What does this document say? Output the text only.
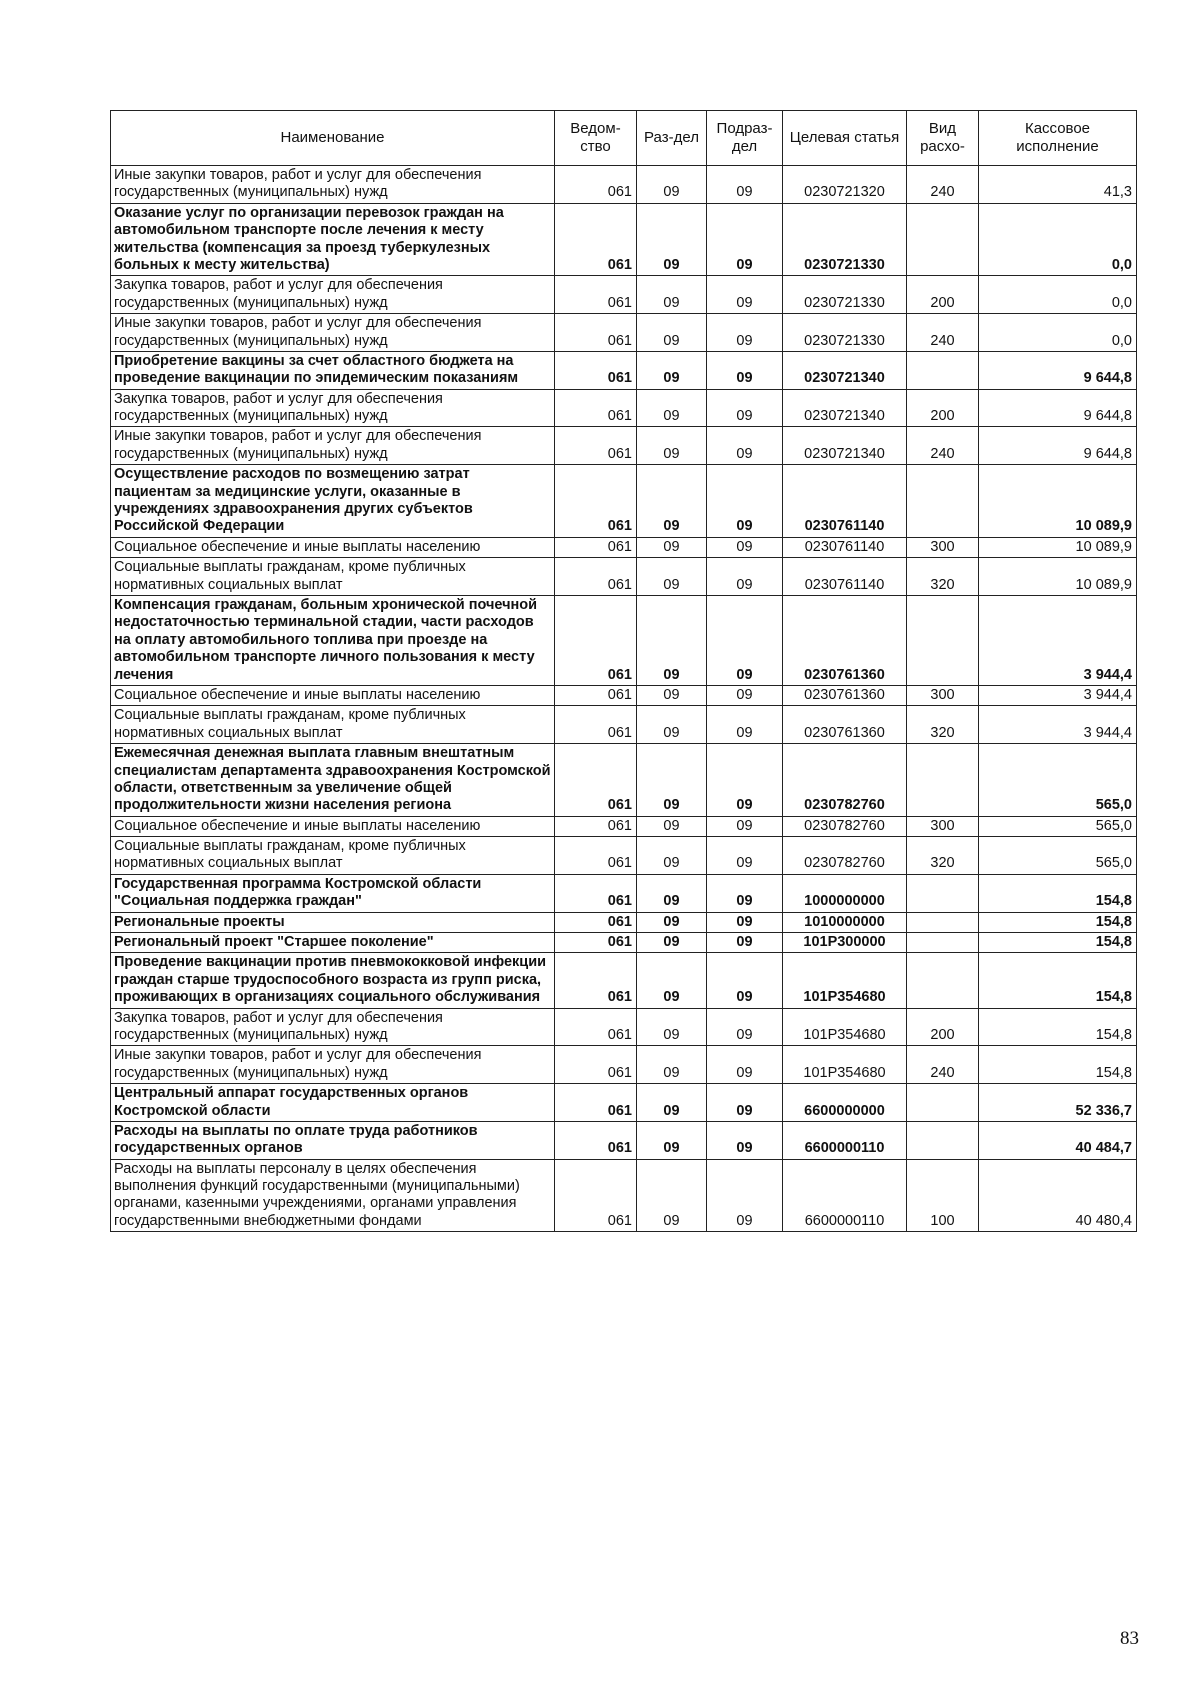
Наименование	Ведом-ство	Раз-дел	Подраз-дел	Целевая статья	Вид расхо-	Кассовое исполнение
Иные закупки товаров, работ и услуг для обеспечения государственных (муниципальных) нужд	061	09	09	0230721320	240	41,3
Оказание услуг по организации перевозок граждан на автомобильном транспорте после лечения к месту жительства (компенсация за проезд туберкулезных больных к месту жительства)	061	09	09	0230721330		0,0
Закупка товаров, работ и услуг для обеспечения государственных (муниципальных) нужд	061	09	09	0230721330	200	0,0
Иные закупки товаров, работ и услуг для обеспечения государственных (муниципальных) нужд	061	09	09	0230721330	240	0,0
Приобретение вакцины за счет областного бюджета на проведение вакцинации по эпидемическим показаниям	061	09	09	0230721340		9 644,8
Закупка товаров, работ и услуг для обеспечения государственных (муниципальных) нужд	061	09	09	0230721340	200	9 644,8
Иные закупки товаров, работ и услуг для обеспечения государственных (муниципальных) нужд	061	09	09	0230721340	240	9 644,8
Осуществление расходов по возмещению затрат пациентам за медицинские услуги, оказанные в учреждениях здравоохранения других субъектов Российской Федерации	061	09	09	0230761140		10 089,9
Социальное обеспечение и иные выплаты населению	061	09	09	0230761140	300	10 089,9
Социальные выплаты гражданам, кроме публичных нормативных социальных выплат	061	09	09	0230761140	320	10 089,9
Компенсация гражданам, больным хронической почечной недостаточностью терминальной стадии, части расходов на оплату автомобильного топлива при проезде на автомобильном транспорте личного пользования к месту лечения	061	09	09	0230761360		3 944,4
Социальное обеспечение и иные выплаты населению	061	09	09	0230761360	300	3 944,4
Социальные выплаты гражданам, кроме публичных нормативных социальных выплат	061	09	09	0230761360	320	3 944,4
Ежемесячная денежная выплата главным внештатным специалистам департамента здравоохранения Костромской области, ответственным за увеличение общей продолжительности жизни населения региона	061	09	09	0230782760		565,0
Социальное обеспечение и иные выплаты населению	061	09	09	0230782760	300	565,0
Социальные выплаты гражданам, кроме публичных нормативных социальных выплат	061	09	09	0230782760	320	565,0
Государственная программа Костромской области "Социальная поддержка граждан"	061	09	09	1000000000		154,8
Региональные проекты	061	09	09	1010000000		154,8
Региональный проект "Старшее поколение"	061	09	09	101P300000		154,8
Проведение вакцинации против пневмококковой инфекции граждан старше трудоспособного возраста из групп риска, проживающих в организациях социального обслуживания	061	09	09	101P354680		154,8
Закупка товаров, работ и услуг для обеспечения государственных (муниципальных) нужд	061	09	09	101P354680	200	154,8
Иные закупки товаров, работ и услуг для обеспечения государственных (муниципальных) нужд	061	09	09	101P354680	240	154,8
Центральный аппарат государственных органов Костромской области	061	09	09	6600000000		52 336,7
Расходы на выплаты по оплате труда работников государственных органов	061	09	09	6600000110		40 484,7
Расходы на выплаты персоналу в целях обеспечения выполнения функций государственными (муниципальными) органами, казенными учреждениями, органами управления государственными внебюджетными фондами	061	09	09	6600000110	100	40 480,4
83
